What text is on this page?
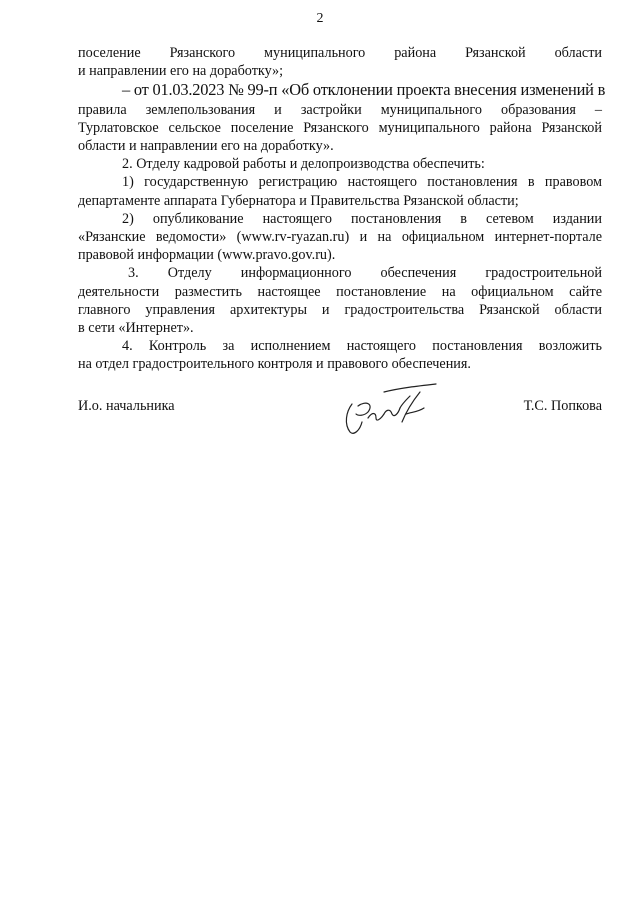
2
поселение Рязанского муниципального района Рязанской области
и направлении его на доработку»;
– от 01.03.2023 № 99-п «Об отклонении проекта внесения изменений в
правила землепользования и застройки муниципального образования –
Турлатовское сельское поселение Рязанского муниципального района Рязанской
области и направлении его на доработку».
2. Отделу кадровой работы и делопроизводства обеспечить:
1) государственную регистрацию настоящего постановления в правовом
департаменте аппарата Губернатора и Правительства Рязанской области;
2) опубликование настоящего постановления в сетевом издании
«Рязанские ведомости» (www.rv-ryazan.ru) и на официальном интернет-портале
правовой информации (www.pravo.gov.ru).
3. Отделу информационного обеспечения градостроительной
деятельности разместить настоящее постановление на официальном сайте
главного управления архитектуры и градостроительства Рязанской области
в сети «Интернет».
4. Контроль за исполнением настоящего постановления возложить
на отдел градостроительного контроля и правового обеспечения.
И.о. начальника	Т.С. Попкова
